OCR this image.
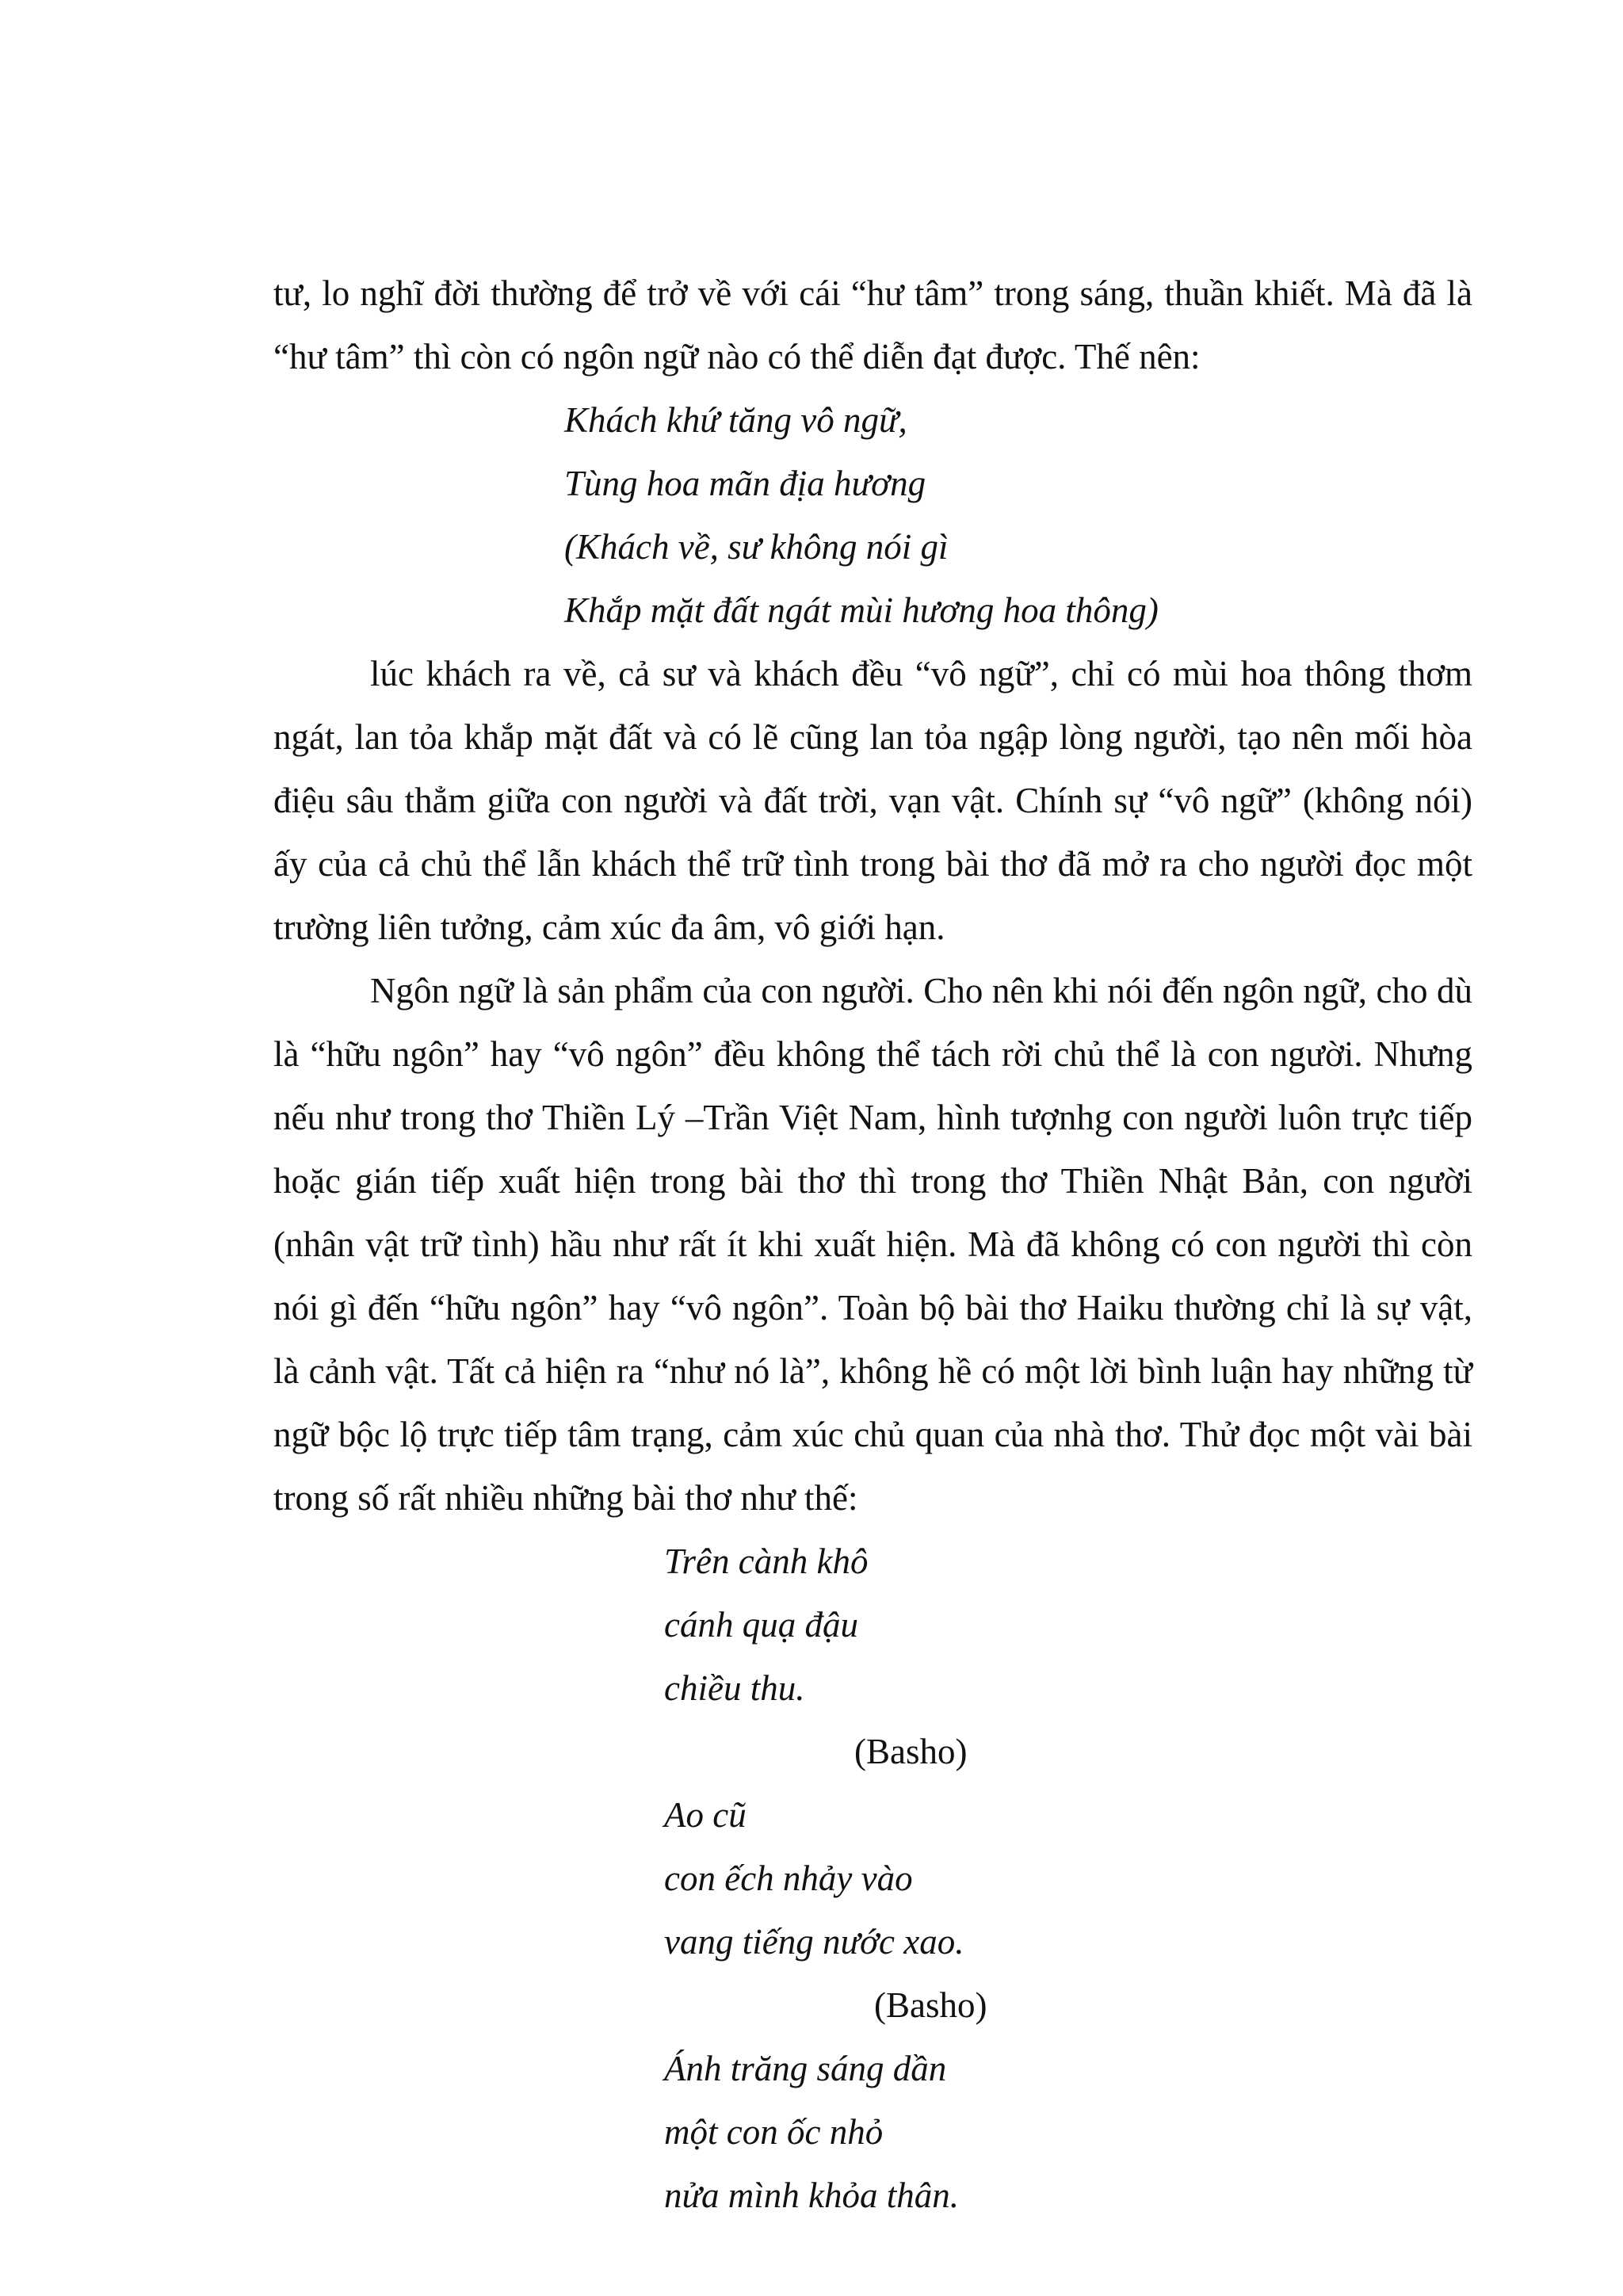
tư, lo nghĩ đời thường để trở về với cái “hư tâm” trong sáng, thuần khiết. Mà đã là
“hư tâm” thì còn có ngôn ngữ nào có thể diễn đạt được. Thế nên:
Khách khứ tăng vô ngữ,
Tùng hoa mãn địa hương
(Khách về, sư không nói gì
Khắp mặt đất ngát mùi hương hoa thông)
lúc khách ra về, cả sư và khách đều “vô ngữ”, chỉ có mùi hoa thông thơm
ngát, lan tỏa khắp mặt đất và có lẽ cũng lan tỏa ngập lòng người, tạo nên mối hòa
điệu sâu thẳm giữa con người và đất trời, vạn vật. Chính sự “vô ngữ” (không nói)
ấy của cả chủ thể lẫn khách thể trữ tình trong bài thơ đã mở ra cho người đọc một
trường liên tưởng, cảm xúc đa âm, vô giới hạn.
Ngôn ngữ là sản phẩm của con người. Cho nên khi nói đến ngôn ngữ, cho dù
là “hữu ngôn” hay “vô ngôn” đều không thể tách rời chủ thể là con người. Nhưng
nếu như trong thơ Thiền Lý –Trần Việt Nam, hình tượnhg con người luôn trực tiếp
hoặc gián tiếp xuất hiện trong bài thơ thì trong thơ Thiền Nhật Bản, con người
(nhân vật trữ tình) hầu như rất ít khi xuất hiện. Mà đã không có con người thì còn
nói gì đến “hữu ngôn” hay “vô ngôn”. Toàn bộ bài thơ Haiku thường chỉ là sự vật,
là cảnh vật. Tất cả hiện ra “như nó là”, không hề có một lời bình luận hay những từ
ngữ bộc lộ trực tiếp tâm trạng, cảm xúc chủ quan của nhà thơ. Thử đọc một vài bài
trong số rất nhiều những bài thơ như thế:
Trên cành khô
cánh quạ đậu
chiều thu.
(Basho)
Ao cũ
con ếch nhảy vào
vang tiếng nước xao.
(Basho)
Ánh trăng sáng dần
một con ốc nhỏ
nửa mình khỏa thân.
